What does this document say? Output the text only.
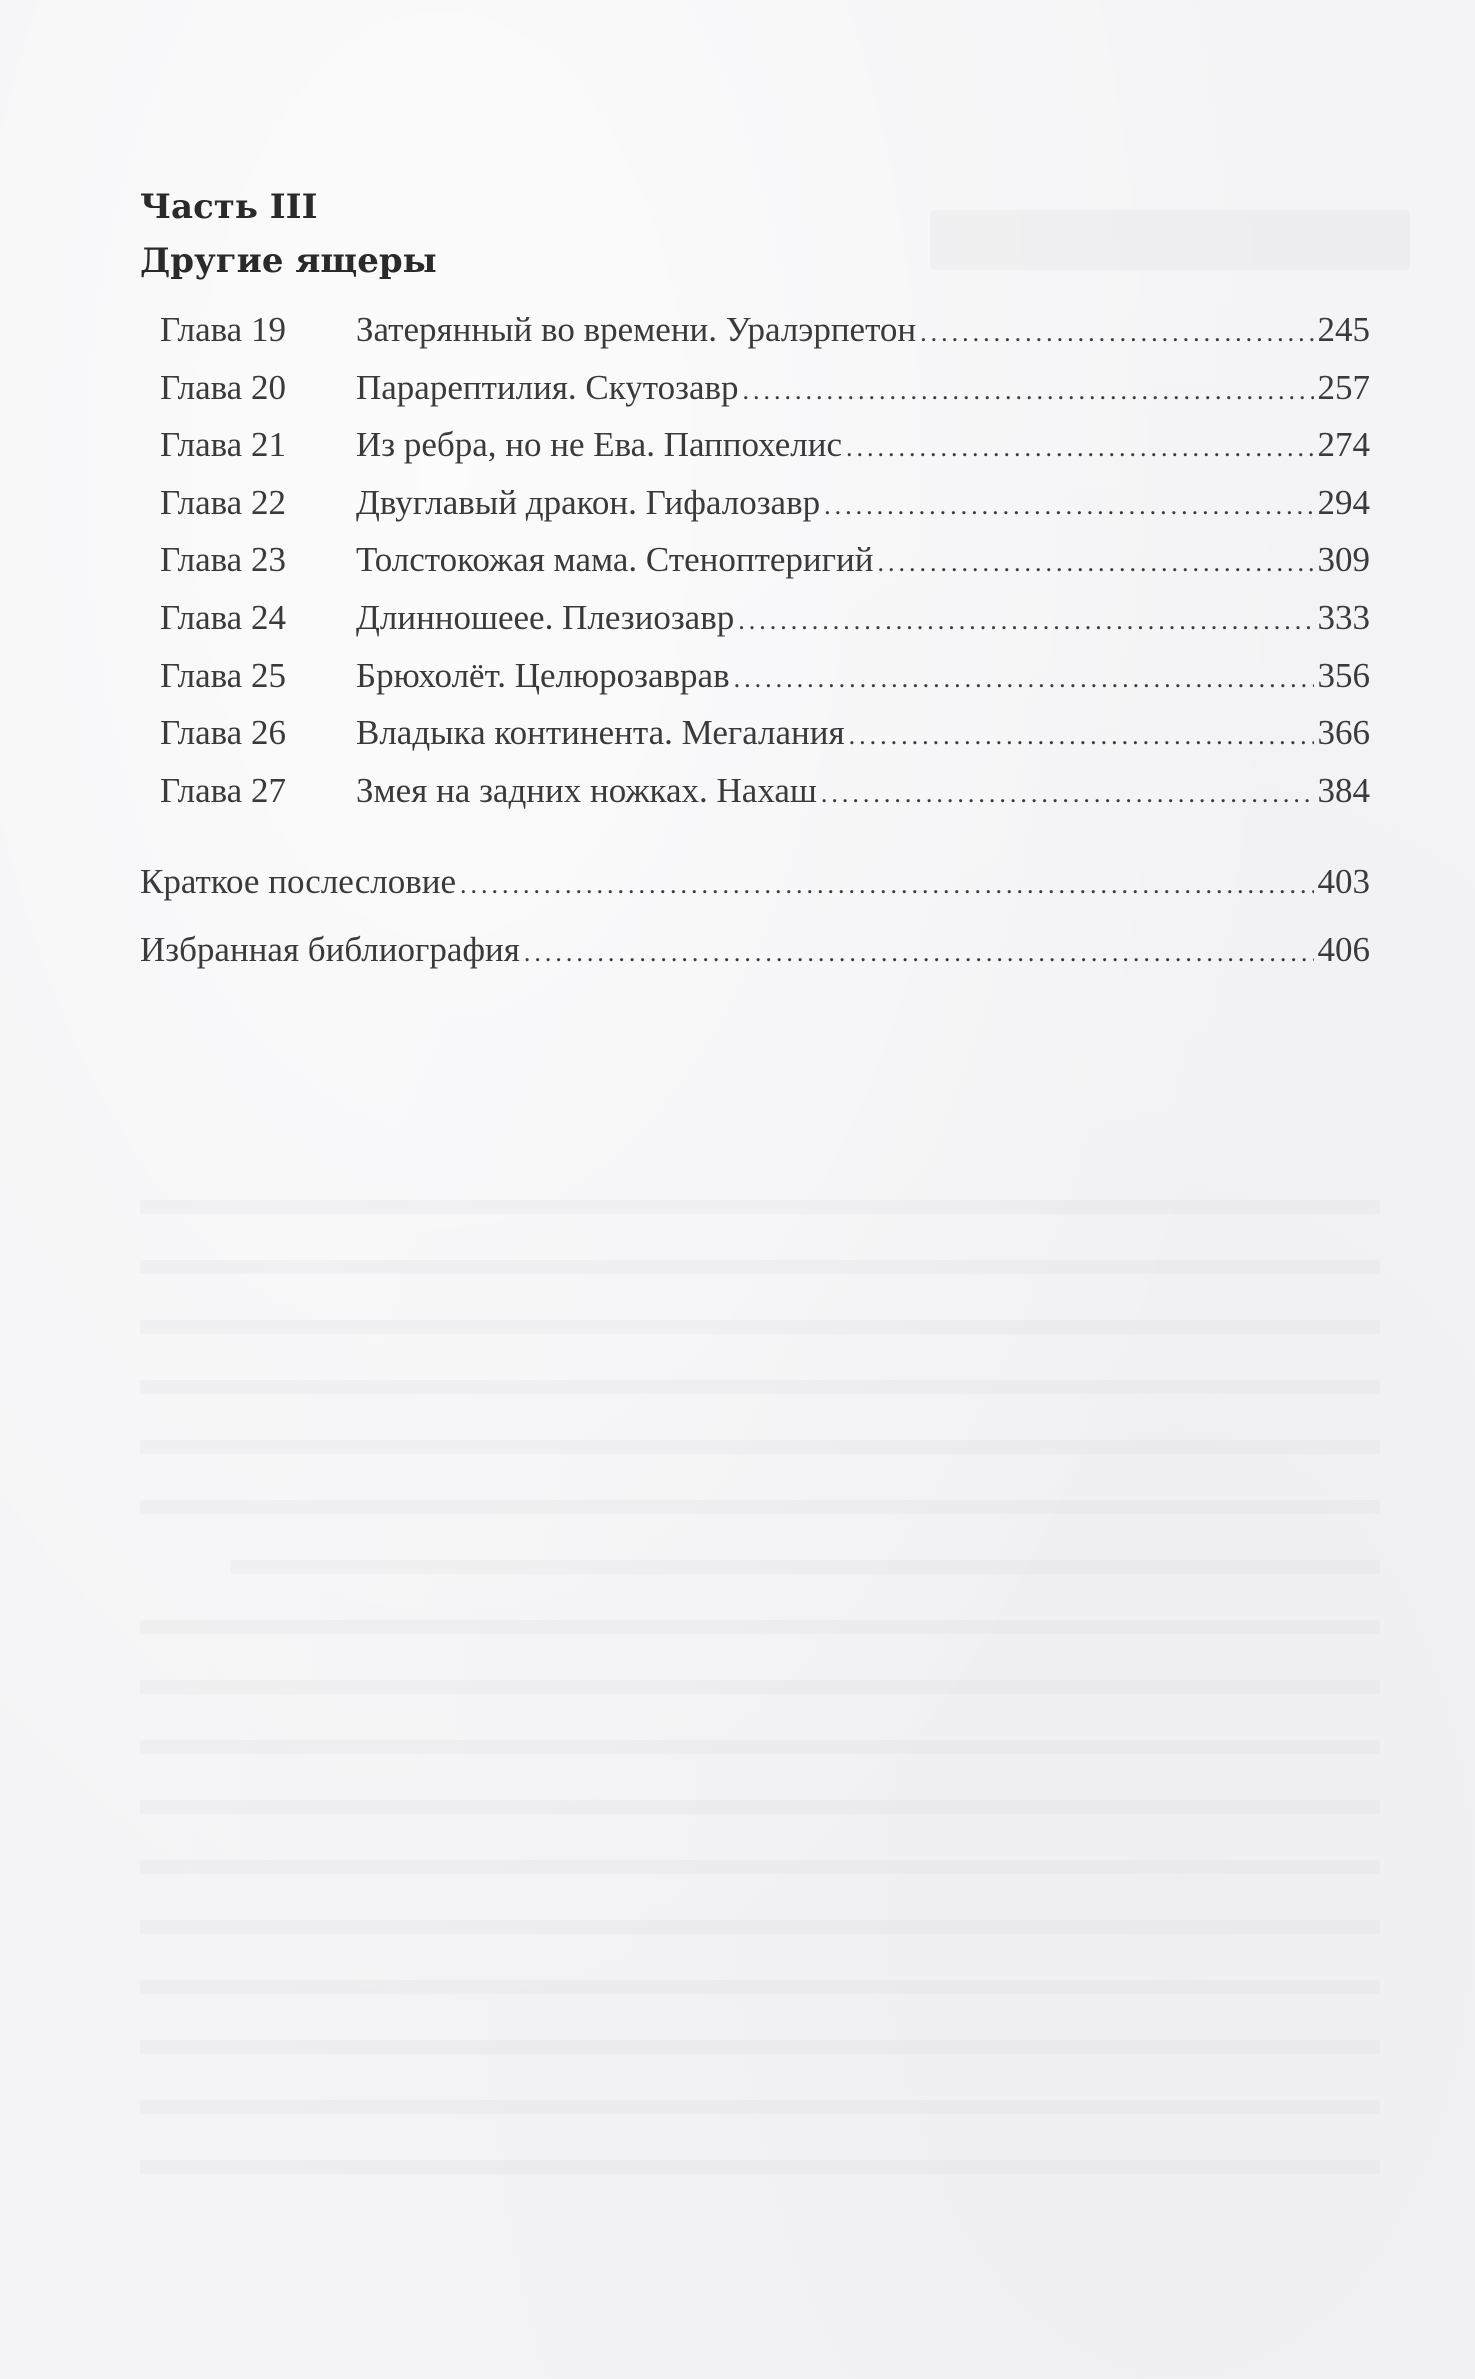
Часть III
Другие ящеры
Глава 19	Затерянный во времени. Уралэрпетон .....	245
Глава 20	Парарептилия. Скутозавр .....	257
Глава 21	Из ребра, но не Ева. Паппохелис .....	274
Глава 22	Двуглавый дракон. Гифалозавр .....	294
Глава 23	Толстокожая мама. Стеноптеригий .....	309
Глава 24	Длинношеее. Плезиозавр .....	333
Глава 25	Брюхолёт. Целюрозаврав .....	356
Глава 26	Владыка континента. Мегалания .....	366
Глава 27	Змея на задних ножках. Нахаш .....	384
Краткое послесловие .....	403
Избранная библиография .....	406
